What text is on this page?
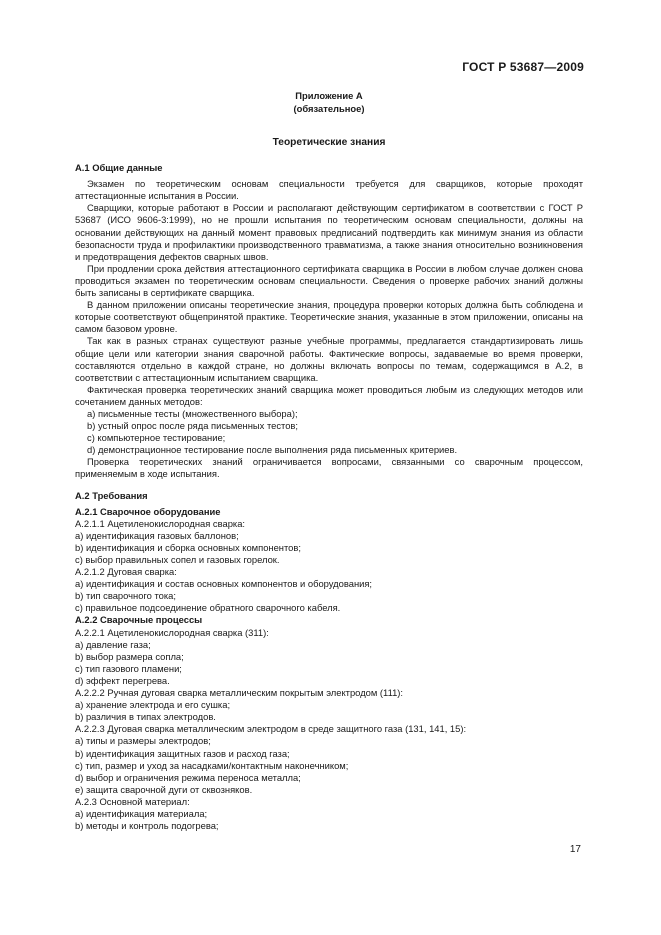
ГОСТ Р 53687—2009
Приложение А
(обязательное)
Теоретические знания
А.1 Общие данные

Экзамен по теоретическим основам специальности требуется для сварщиков, которые проходят аттестационные испытания в России.

Сварщики, которые работают в России и располагают действующим сертификатом в соответствии с ГОСТ Р 53687 (ИСО 9606-3:1999), но не прошли испытания по теоретическим основам специальности, должны на основании действующих на данный момент правовых предписаний подтвердить как минимум знания из области безопасности труда и профилактики производственного травматизма, а также знания относительно возникновения и предотвращения дефектов сварных швов.

При продлении срока действия аттестационного сертификата сварщика в России в любом случае должен снова проводиться экзамен по теоретическим основам специальности. Сведения о проверке рабочих знаний должны быть записаны в сертификате сварщика.

В данном приложении описаны теоретические знания, процедура проверки которых должна быть соблюдена и которые соответствуют общепринятой практике. Теоретические знания, указанные в этом приложении, описаны на самом базовом уровне.

Так как в разных странах существуют разные учебные программы, предлагается стандартизировать лишь общие цели или категории знания сварочной работы. Фактические вопросы, задаваемые во время проверки, составляются отдельно в каждой стране, но должны включать вопросы по темам, содержащимся в А.2, в соответствии с аттестационным испытанием сварщика.

Фактическая проверка теоретических знаний сварщика может проводиться любым из следующих методов или сочетанием данных методов:

a) письменные тесты (множественного выбора);

b) устный опрос после ряда письменных тестов;

c) компьютерное тестирование;

d) демонстрационное тестирование после выполнения ряда письменных критериев.

Проверка теоретических знаний ограничивается вопросами, связанными со сварочным процессом, применяемым в ходе испытания.

А.2 Требования
А.2.1 Сварочное оборудование

А.2.1.1 Ацетиленокислородная сварка:

a) идентификация газовых баллонов;

b) идентификация и сборка основных компонентов;

c) выбор правильных сопел и газовых горелок.

А.2.1.2 Дуговая сварка:

a) идентификация и состав основных компонентов и оборудования;

b) тип сварочного тока;

c) правильное подсоединение обратного сварочного кабеля.

А.2.2 Сварочные процессы

А.2.2.1 Ацетиленокислородная сварка (311):

a) давление газа;

b) выбор размера сопла;

c) тип газового пламени;

d) эффект перегрева.

А.2.2.2 Ручная дуговая сварка металлическим покрытым электродом (111):

a) хранение электрода и его сушка;

b) различия в типах электродов.

А.2.2.3 Дуговая сварка металлическим электродом в среде защитного газа (131, 141, 15):

a) типы и размеры электродов;

b) идентификация защитных газов и расход газа;

c) тип, размер и уход за насадками/контактным наконечником;

d) выбор и ограничения режима переноса металла;

e) защита сварочной дуги от сквозняков.

А.2.3 Основной материал:

a) идентификация материала;

b) методы и контроль подогрева;

17
